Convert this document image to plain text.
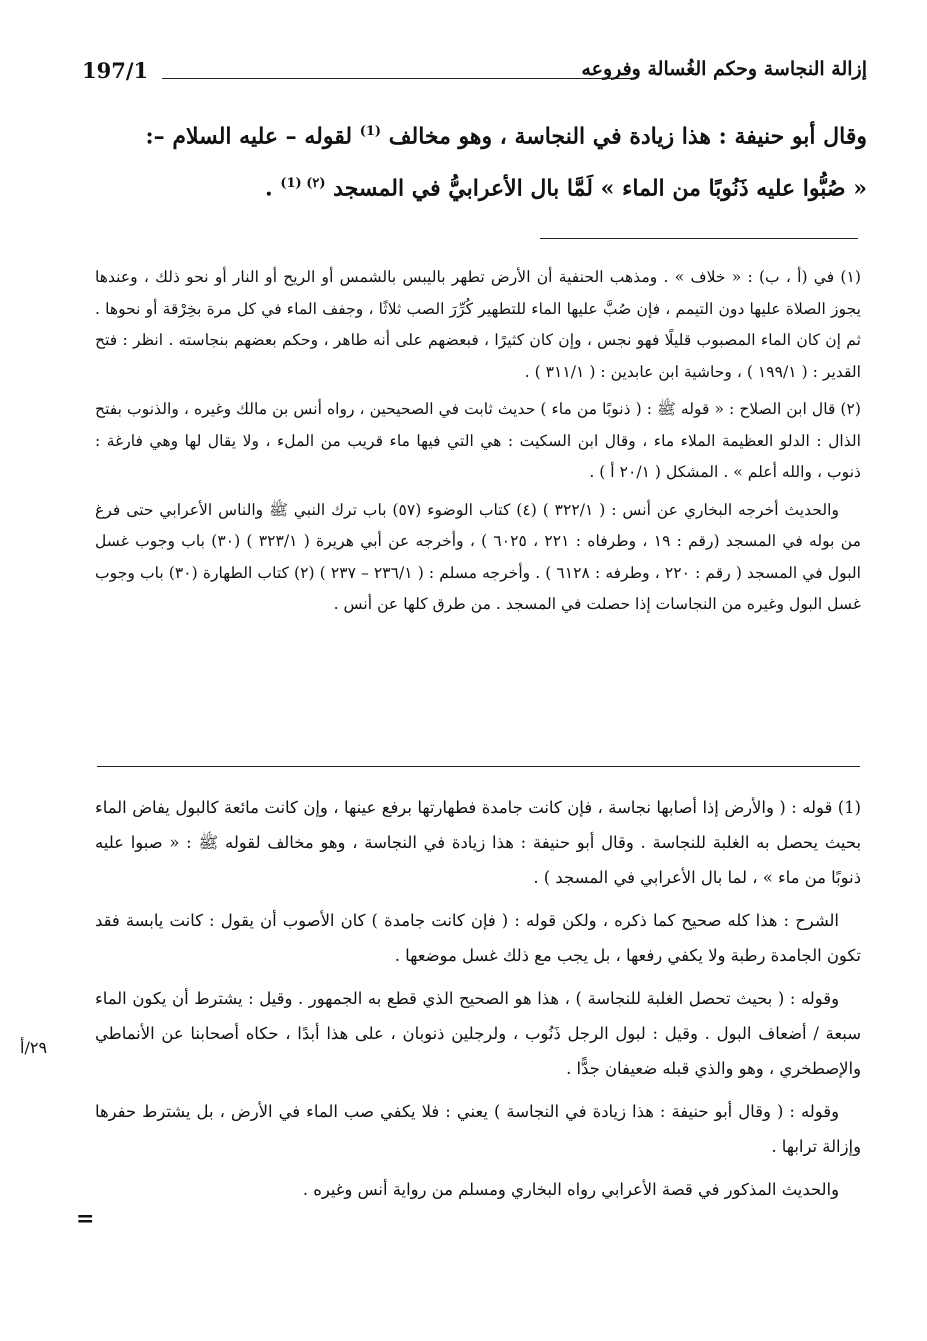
إزالة النجاسة وحكم الغُسالة وفروعه
197/1

وقال أبو حنيفة : هذا زيادة في النجاسة ، وهو مخالف $^{(1)}$ لقوله – عليه السلام –:

« صُبُّوا عليه ذَنُوبًا من الماء » لَمَّا بال الأعرابيُّ في المسجد $^{(٢) (1)}$ .

(١) في (أ ، ب) : « خلاف » . ومذهب الحنفية أن الأرض تطهر باليبس بالشمس أو الريح أو النار أو نحو ذلك ، وعندها يجوز الصلاة عليها دون التيمم ، فإن صُبَّ عليها الماء للتطهير كُرِّرَ الصب ثلاثًا ، وجفف الماء في كل مرة بخِرْقة أو نحوها . ثم إن كان الماء المصبوب قليلًا فهو نجس ، وإن كان كثيرًا ، فبعضهم على أنه طاهر ، وحكم بعضهم بنجاسته . انظر : فتح القدير : ( ١٩٩/١ ) ، وحاشية ابن عابدين : ( ٣١١/١ ) .

(٢) قال ابن الصلاح : « قوله ﷺ : ( ذنوبًا من ماء ) حديث ثابت في الصحيحين ، رواه أنس بن مالك وغيره ، والذنوب بفتح الذال : الدلو العظيمة الملاء ماء ، وقال ابن السكيت : هي التي فيها ماء قريب من الملء ، ولا يقال لها وهي فارغة : ذنوب ، والله أعلم » . المشكل ( ٢٠/١ أ ) .

والحديث أخرجه البخاري عن أنس : ( ٣٢٢/١ ) (٤) كتاب الوضوء (٥٧) باب ترك النبي ﷺ والناس الأعرابي حتى فرغ من بوله في المسجد (رقم : ١٩ ، وطرفاه : ٢٢١ ، ٦٠٢٥ ) ، وأخرجه عن أبي هريرة ( ٣٢٣/١ ) (٣٠) باب وجوب غسل البول في المسجد ( رقم : ٢٢٠ ، وطرفه : ٦١٢٨ ) . وأخرجه مسلم : ( ٢٣٦/١ – ٢٣٧ ) (٢) كتاب الطهارة (٣٠) باب وجوب غسل البول وغيره من النجاسات إذا حصلت في المسجد . من طرق كلها عن أنس .

(1) قوله : ( والأرض إذا أصابها نجاسة ، فإن كانت جامدة فطهارتها برفع عينها ، وإن كانت مائعة كالبول يفاض الماء بحيث يحصل به الغلبة للنجاسة . وقال أبو حنيفة : هذا زيادة في النجاسة ، وهو مخالف لقوله ﷺ : « صبوا عليه ذنوبًا من ماء » ، لما بال الأعرابي في المسجد ) .

الشرح : هذا كله صحيح كما ذكره ، ولكن قوله : ( فإن كانت جامدة ) كان الأصوب أن يقول : كانت يابسة فقد تكون الجامدة رطبة ولا يكفي رفعها ، بل يجب مع ذلك غسل موضعها .

وقوله : ( بحيث تحصل الغلبة للنجاسة ) ، هذا هو الصحيح الذي قطع به الجمهور . وقيل : يشترط أن يكون الماء سبعة / أضعاف البول . وقيل : لبول الرجل ذَنُوب ، ولرجلين ذنوبان ، على هذا أبدًا ، حكاه أصحابنا عن الأنماطي والإصطخري ، وهو والذي قبله ضعيفان جدًّا .

وقوله : ( وقال أبو حنيفة : هذا زيادة في النجاسة ) يعني : فلا يكفي صب الماء في الأرض ، بل يشترط حفرها وإزالة ترابها .

والحديث المذكور في قصة الأعرابي رواه البخاري ومسلم من رواية أنس وغيره .

٢٩/أ
=
